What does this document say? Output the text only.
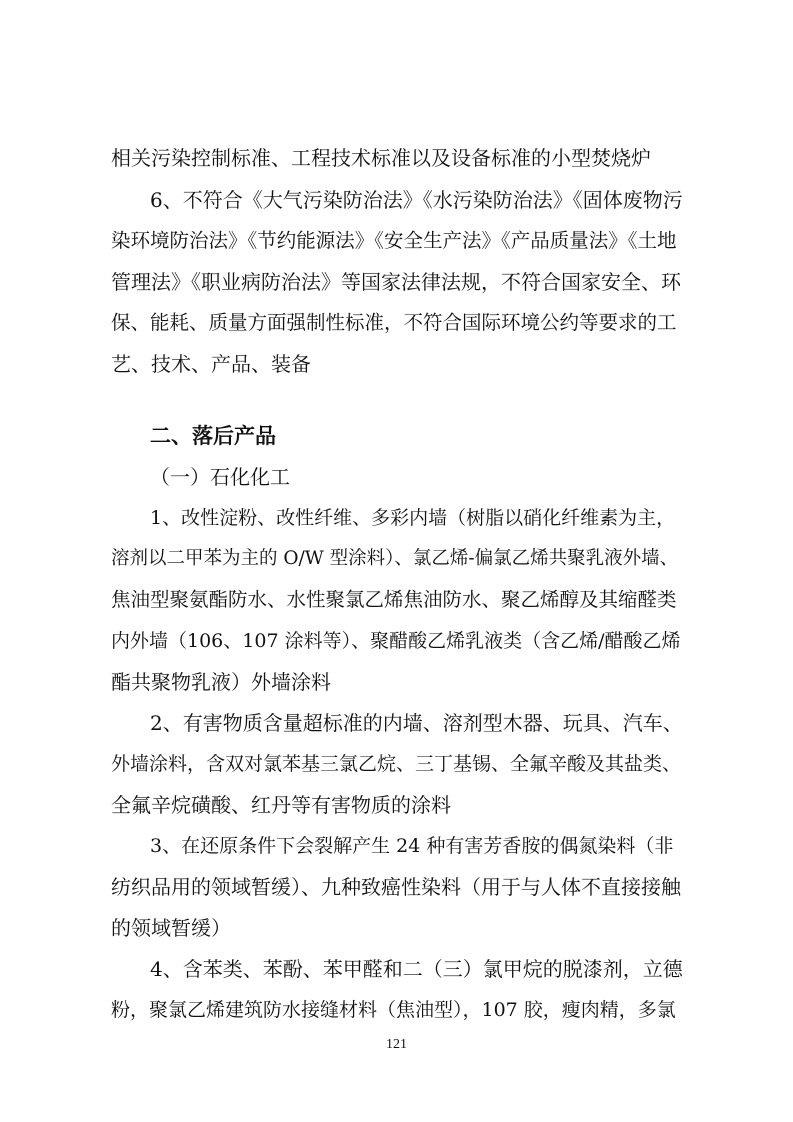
相关污染控制标准、工程技术标准以及设备标准的小型焚烧炉
6、不符合《大气污染防治法》《水污染防治法》《固体废物污
染环境防治法》《节约能源法》《安全生产法》《产品质量法》《土地
管理法》《职业病防治法》等国家法律法规，不符合国家安全、环
保、能耗、质量方面强制性标准，不符合国际环境公约等要求的工
艺、技术、产品、装备
二、落后产品
（一）石化化工
1、改性淀粉、改性纤维、多彩内墙（树脂以硝化纤维素为主，
溶剂以二甲苯为主的 O/W 型涂料）、氯乙烯-偏氯乙烯共聚乳液外墙、
焦油型聚氨酯防水、水性聚氯乙烯焦油防水、聚乙烯醇及其缩醛类
内外墙（106、107 涂料等）、聚醋酸乙烯乳液类（含乙烯/醋酸乙烯
酯共聚物乳液）外墙涂料
2、有害物质含量超标准的内墙、溶剂型木器、玩具、汽车、
外墙涂料，含双对氯苯基三氯乙烷、三丁基锡、全氟辛酸及其盐类、
全氟辛烷磺酸、红丹等有害物质的涂料
3、在还原条件下会裂解产生 24 种有害芳香胺的偶氮染料（非
纺织品用的领域暂缓）、九种致癌性染料（用于与人体不直接接触
的领域暂缓）
4、含苯类、苯酚、苯甲醛和二（三）氯甲烷的脱漆剂，立德
粉，聚氯乙烯建筑防水接缝材料（焦油型），107 胶，瘦肉精，多氯
121
